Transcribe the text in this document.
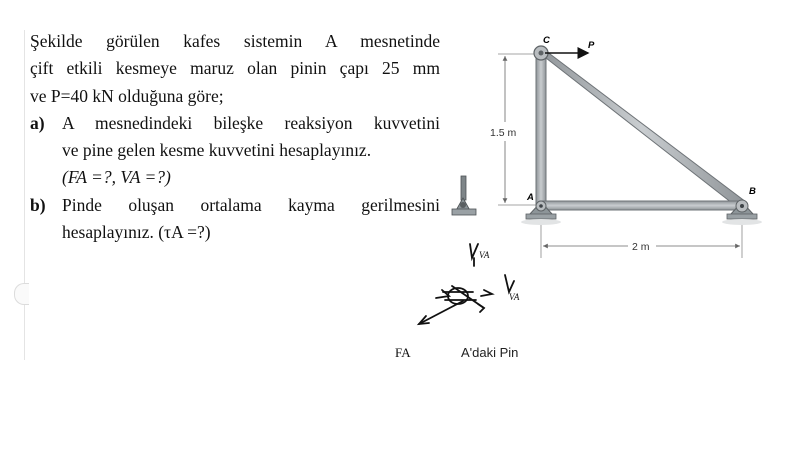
Şekilde görülen kafes sistemin A mesnetinde
çift etkili kesmeye maruz olan pinin çapı 25 mm
ve P=40 kN olduğuna göre;
a) A mesnedindeki bileşke reaksiyon kuvvetini
ve pine gelen kesme kuvvetini hesaplayınız.
(FA =?, VA =?)
b) Pinde oluşan ortalama kayma gerilmesini
hesaplayınız. (τA =?)
1.5 m
2 m
C	P
A
B
VA
VA
FA	A'daki Pin
